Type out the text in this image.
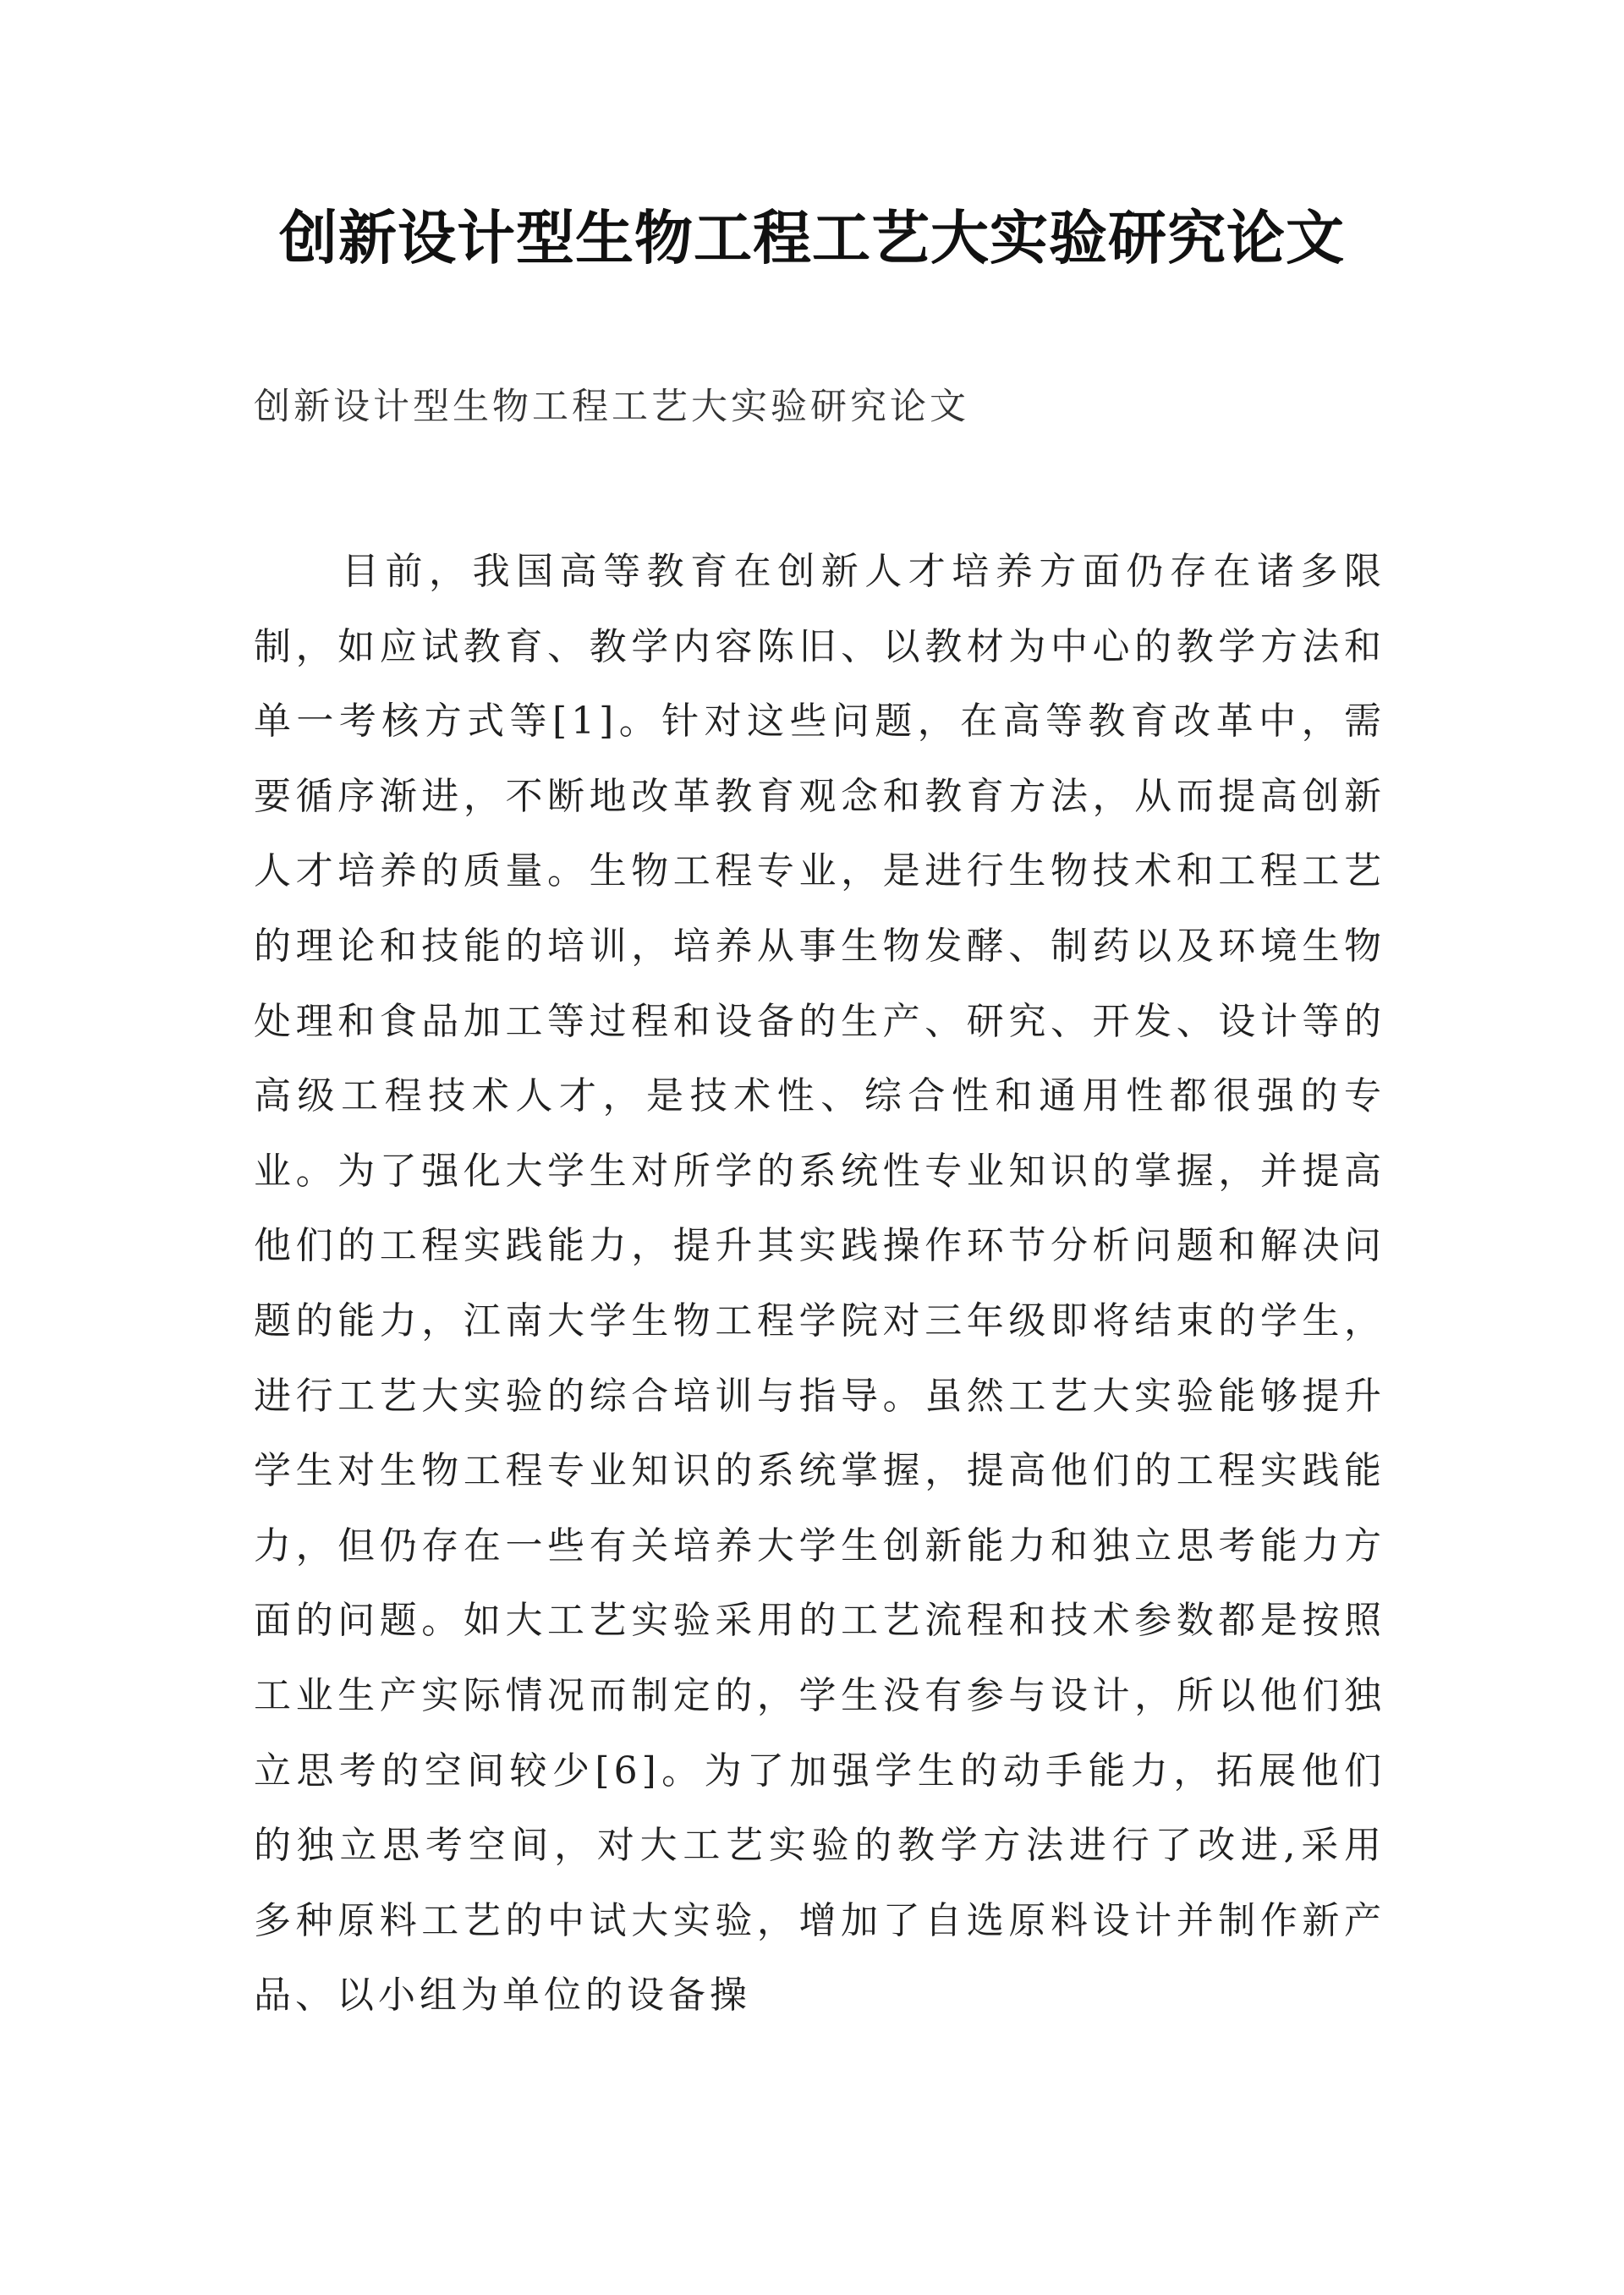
创新设计型生物工程工艺大实验研究论文

创新设计型生物工程工艺大实验研究论文

目前，我国高等教育在创新人才培养方面仍存在诸多限制，如应试教育、教学内容陈旧、以教材为中心的教学方法和单一考核方式等[1]。针对这些问题，在高等教育改革中，需要循序渐进，不断地改革教育观念和教育方法，从而提高创新人才培养的质量。生物工程专业，是进行生物技术和工程工艺的理论和技能的培训，培养从事生物发酵、制药以及环境生物处理和食品加工等过程和设备的生产、研究、开发、设计等的高级工程技术人才，是技术性、综合性和通用性都很强的专业。为了强化大学生对所学的系统性专业知识的掌握，并提高他们的工程实践能力，提升其实践操作环节分析问题和解决问题的能力，江南大学生物工程学院对三年级即将结束的学生，进行工艺大实验的综合培训与指导。虽然工艺大实验能够提升学生对生物工程专业知识的系统掌握，提高他们的工程实践能力，但仍存在一些有关培养大学生创新能力和独立思考能力方面的问题。如大工艺实验采用的工艺流程和技术参数都是按照工业生产实际情况而制定的，学生没有参与设计，所以他们独立思考的空间较少[6]。为了加强学生的动手能力，拓展他们的独立思考空间，对大工艺实验的教学方法进行了改进,采用多种原料工艺的中试大实验，增加了自选原料设计并制作新产品、以小组为单位的设备操
